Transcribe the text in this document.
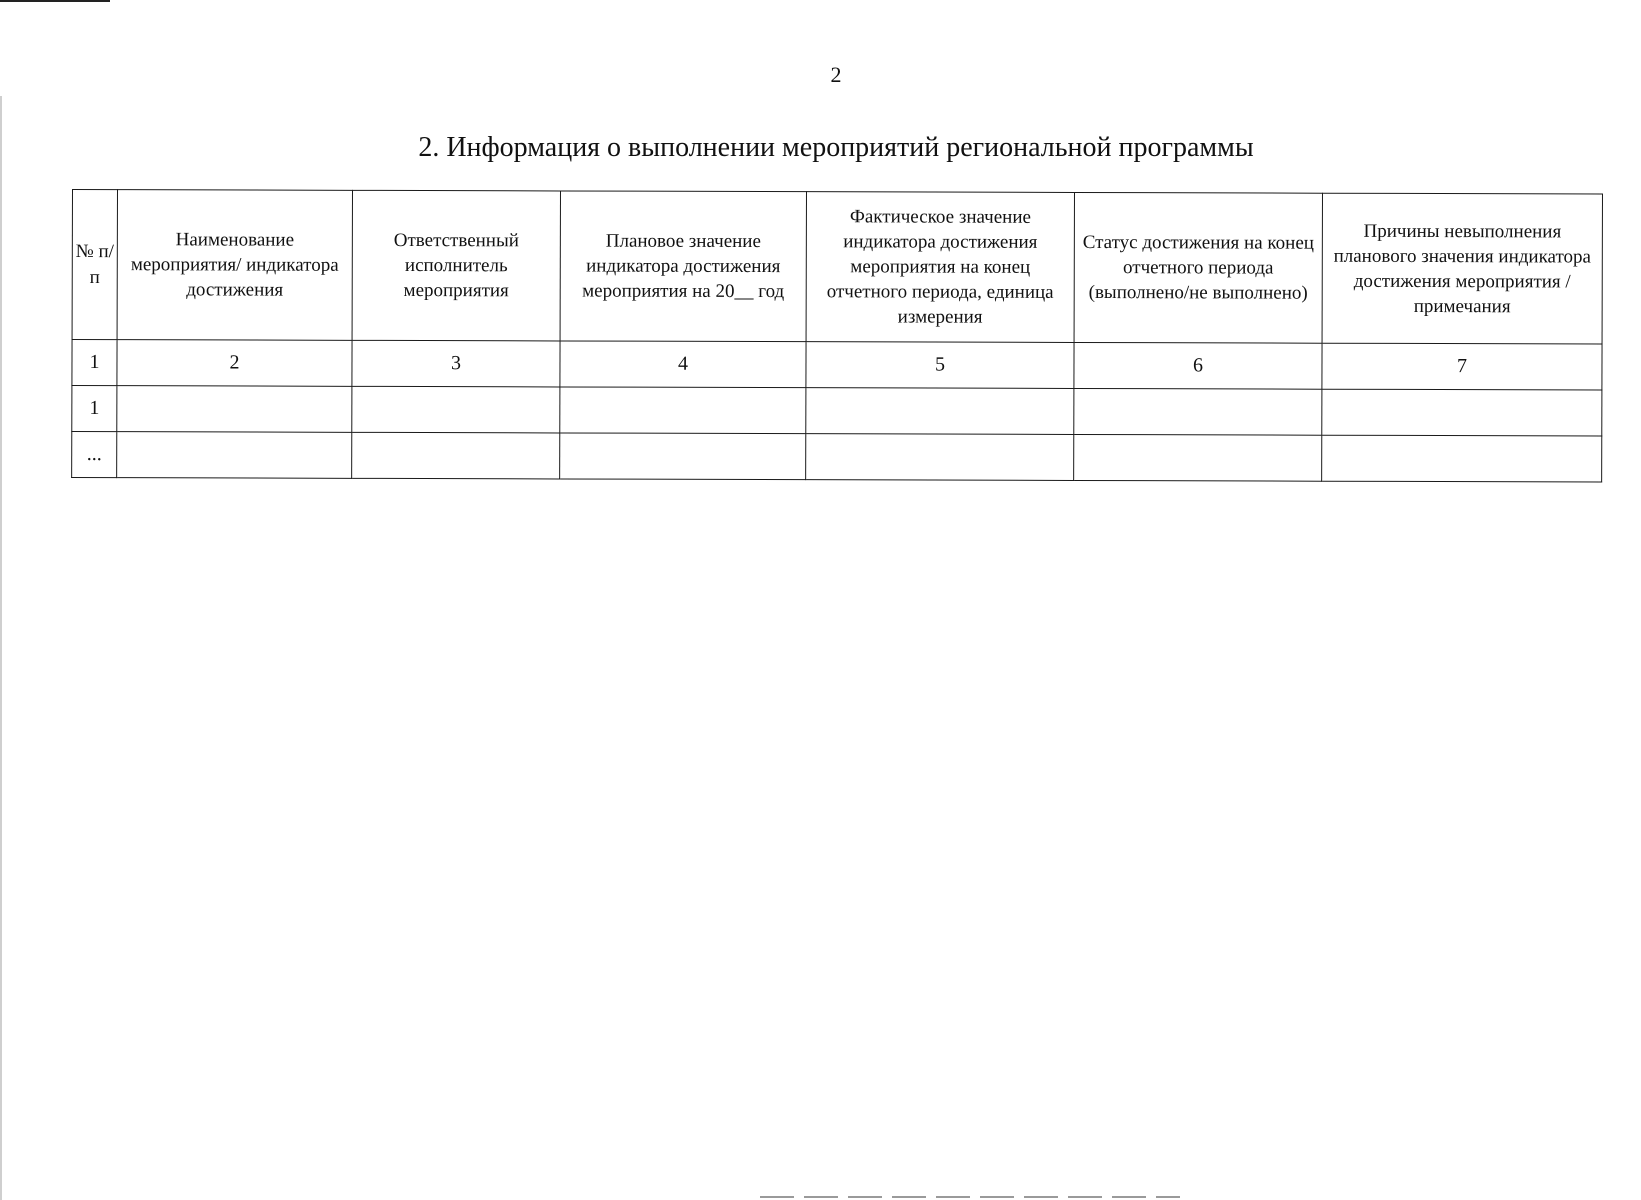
2
2. Информация о выполнении мероприятий региональной программы
№ п/п	Наименование мероприятия/ индикатора достижения	Ответственный исполнитель мероприятия	Плановое значение индикатора достижения мероприятия на 20__ год	Фактическое значение индикатора достижения мероприятия на конец отчетного периода, единица измерения	Статус достижения на конец отчетного периода (выполнено/не выполнено)	Причины невыполнения планового значения индикатора достижения мероприятия / примечания
1	2	3	4	5	6	7
1						
...						
